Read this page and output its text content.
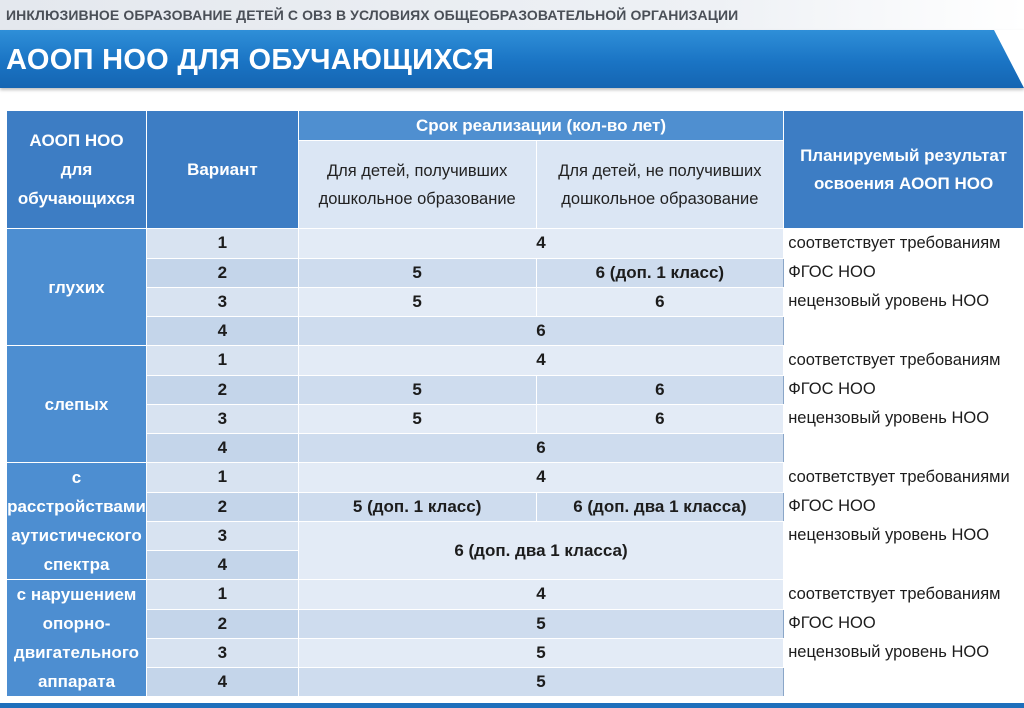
ИНКЛЮЗИВНОЕ ОБРАЗОВАНИЕ ДЕТЕЙ С ОВЗ В УСЛОВИЯХ ОБЩЕОБРАЗОВАТЕЛЬНОЙ ОРГАНИЗАЦИИ
АООП НОО ДЛЯ ОБУЧАЮЩИХСЯ
АООП НОО для обучающихся	Вариант	Срок реализации (кол-во лет)		Планируемый результат освоения АООП НОО
		Для детей, получивших дошкольное образование	Для детей, не получивших дошкольное образование	

глухих	1	4		соответствует требованиям ФГОС НОО
	2	5	6 (доп. 1 класс)	
	3	5	6	нецензовый уровень НОО
	4	6		
слепых	1	4		соответствует требованиям ФГОС НОО
	2	5	6	
	3	5	6	нецензовый уровень НОО
	4	6		
с расстройствами аутистического спектра	1	4		соответствует требованиями ФГОС НОО
	2	5 (доп. 1 класс)	6 (доп. два 1 класса)	
	3	6 (доп. два 1 класса)		нецензовый уровень НОО
	4			
с нарушением опорно-двигательного аппарата	1	4		соответствует требованиям ФГОС НОО
	2	5		
	3	5		нецензовый уровень НОО
	4	5		
